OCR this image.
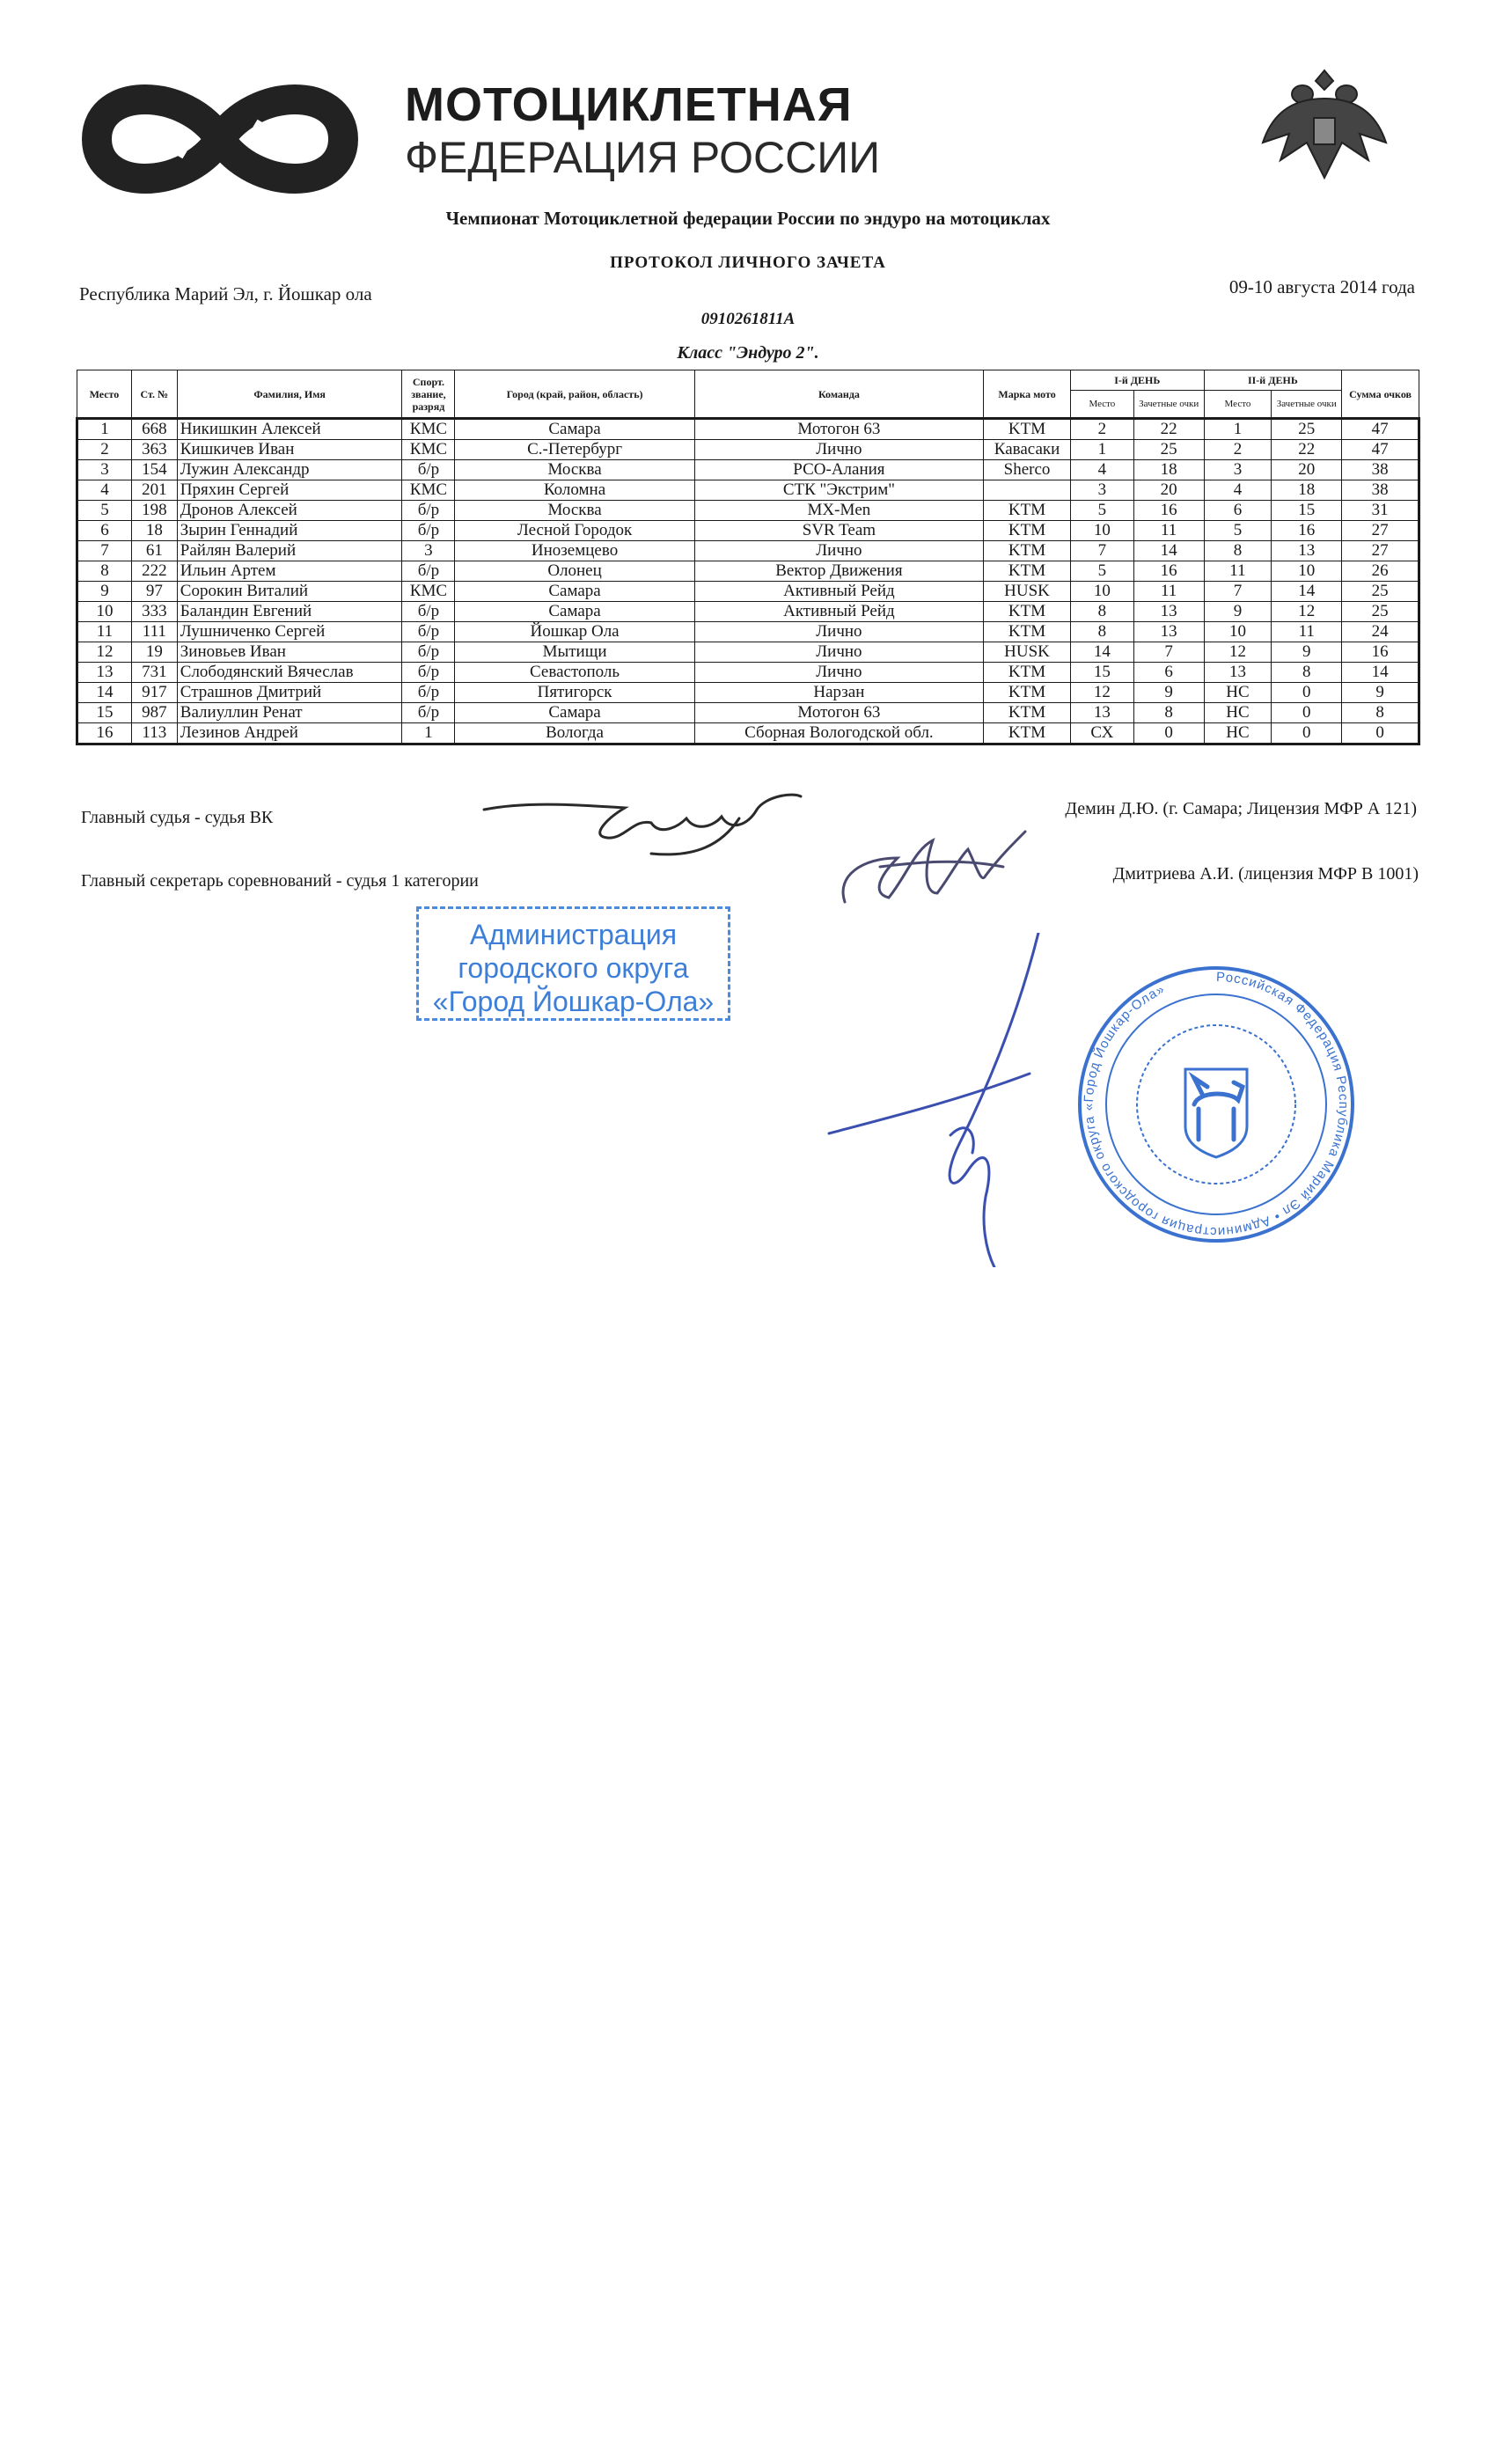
МОТОЦИКЛЕТНАЯ
ФЕДЕРАЦИЯ РОССИИ
Чемпионат Мотоциклетной федерации России по эндуро на мотоциклах
ПРОТОКОЛ ЛИЧНОГО ЗАЧЕТА
Республика Марий Эл, г. Йошкар ола	09-10 августа 2014 года
0910261811А
Класс "Эндуро 2".
Место	Ст. №	Фамилия, Имя	Спорт. звание, разряд	Город (край, район, область)	Команда	Марка мото	I-й ДЕНЬ		II-й ДЕНЬ		Сумма очков
							Место	Зачетные очки	Место	Зачетные очки	
1	668	Никишкин Алексей	КМС	Самара	Мотогон 63	KTM	2	22	1	25	47
2	363	Кишкичев Иван	КМС	С.-Петербург	Лично	Кавасаки	1	25	2	22	47
3	154	Лужин Александр	б/р	Москва	РСО-Алания	Sherco	4	18	3	20	38
4	201	Пряхин Сергей	КМС	Коломна	СТК "Экстрим"		3	20	4	18	38
5	198	Дронов Алексей	б/р	Москва	MX-Men	KTM	5	16	6	15	31
6	18	Зырин Геннадий	б/р	Лесной Городок	SVR Team	KTM	10	11	5	16	27
7	61	Райлян Валерий	3	Иноземцево	Лично	KTM	7	14	8	13	27
8	222	Ильин Артем	б/р	Олонец	Вектор Движения	KTM	5	16	11	10	26
9	97	Сорокин Виталий	КМС	Самара	Активный Рейд	HUSK	10	11	7	14	25
10	333	Баландин Евгений	б/р	Самара	Активный Рейд	KTM	8	13	9	12	25
11	111	Лушниченко Сергей	б/р	Йошкар Ола	Лично	KTM	8	13	10	11	24
12	19	Зиновьев Иван	б/р	Мытищи	Лично	HUSK	14	7	12	9	16
13	731	Слободянский Вячеслав	б/р	Севастополь	Лично	KTM	15	6	13	8	14
14	917	Страшнов Дмитрий	б/р	Пятигорск	Нарзан	KTM	12	9	НС	0	9
15	987	Валиуллин Ренат	б/р	Самара	Мотогон 63	KTM	13	8	НС	0	8
16	113	Лезинов Андрей	1	Вологда	Сборная Вологодской обл.	KTM	СХ	0	НС	0	0
Главный судья - судья ВК	Демин Д.Ю. (г. Самара; Лицензия МФР А 121)
Главный секретарь соревнований - судья 1 категории	Дмитриева А.И. (лицензия МФР В 1001)
Администрация
городского округа
«Город Йошкар-Ола»
Российская Федерация Республика Марий Эл • Администрация городского округа «Город Йошкар-Ола»
